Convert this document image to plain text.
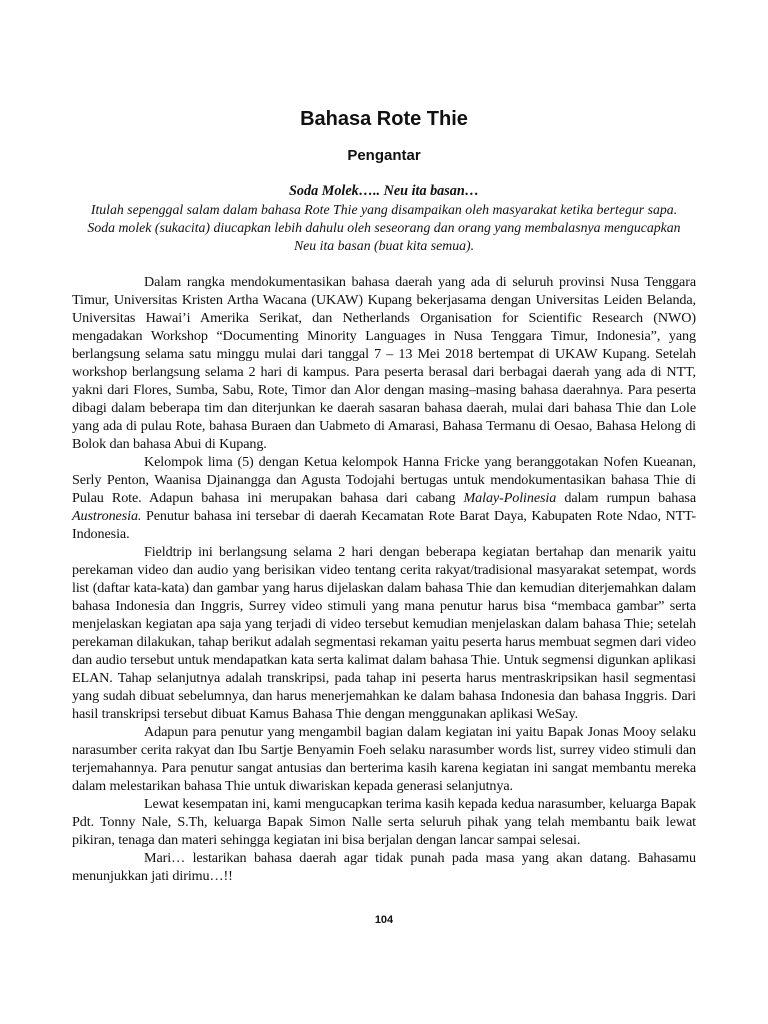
Bahasa Rote Thie
Pengantar

Soda Molek….. Neu ita basan…

Itulah sepenggal salam dalam bahasa Rote Thie yang disampaikan oleh masyarakat ketika bertegur sapa. Soda molek (sukacita) diucapkan lebih dahulu oleh seseorang dan orang yang membalasnya mengucapkan Neu ita basan (buat kita semua).

Dalam rangka mendokumentasikan bahasa daerah yang ada di seluruh provinsi Nusa Tenggara Timur, Universitas Kristen Artha Wacana (UKAW) Kupang bekerjasama dengan Universitas Leiden Belanda, Universitas Hawai’i Amerika Serikat, dan Netherlands Organisation for Scientific Research (NWO) mengadakan Workshop “Documenting Minority Languages in Nusa Tenggara Timur, Indonesia”, yang berlangsung selama satu minggu mulai dari tanggal 7 – 13 Mei 2018 bertempat di UKAW Kupang. Setelah workshop berlangsung selama 2 hari di kampus. Para peserta berasal dari berbagai daerah yang ada di NTT, yakni dari Flores, Sumba, Sabu, Rote, Timor dan Alor dengan masing–masing bahasa daerahnya. Para peserta dibagi dalam beberapa tim dan diterjunkan ke daerah sasaran bahasa daerah, mulai dari bahasa Thie dan Lole yang ada di pulau Rote, bahasa Buraen dan Uabmeto di Amarasi, Bahasa Termanu di Oesao, Bahasa Helong di Bolok dan bahasa Abui di Kupang.

Kelompok lima (5) dengan Ketua kelompok Hanna Fricke yang beranggotakan Nofen Kueanan, Serly Penton, Waanisa Djainangga dan Agusta Todojahi bertugas untuk mendokumentasikan bahasa Thie di Pulau Rote. Adapun bahasa ini merupakan bahasa dari cabang Malay-Polinesia dalam rumpun bahasa Austronesia. Penutur bahasa ini tersebar di daerah Kecamatan Rote Barat Daya, Kabupaten Rote Ndao, NTT-Indonesia.

Fieldtrip ini berlangsung selama 2 hari dengan beberapa kegiatan bertahap dan menarik yaitu perekaman video dan audio yang berisikan video tentang cerita rakyat/tradisional masyarakat setempat, words list (daftar kata-kata) dan gambar yang harus dijelaskan dalam bahasa Thie dan kemudian diterjemahkan dalam bahasa Indonesia dan Inggris, Surrey video stimuli yang mana penutur harus bisa “membaca gambar” serta menjelaskan kegiatan apa saja yang terjadi di video tersebut kemudian menjelaskan dalam bahasa Thie; setelah perekaman dilakukan, tahap berikut adalah segmentasi rekaman yaitu peserta harus membuat segmen dari video dan audio tersebut untuk mendapatkan kata serta kalimat dalam bahasa Thie. Untuk segmensi digunkan aplikasi ELAN. Tahap selanjutnya adalah transkripsi, pada tahap ini peserta harus mentraskripsikan hasil segmentasi yang sudah dibuat sebelumnya, dan harus menerjemahkan ke dalam bahasa Indonesia dan bahasa Inggris. Dari hasil transkripsi tersebut dibuat Kamus Bahasa Thie dengan menggunakan aplikasi WeSay.

Adapun para penutur yang mengambil bagian dalam kegiatan ini yaitu Bapak Jonas Mooy selaku narasumber cerita rakyat dan Ibu Sartje Benyamin Foeh selaku narasumber words list, surrey video stimuli dan terjemahannya. Para penutur sangat antusias dan berterima kasih karena kegiatan ini sangat membantu mereka dalam melestarikan bahasa Thie untuk diwariskan kepada generasi selanjutnya.

Lewat kesempatan ini, kami mengucapkan terima kasih kepada kedua narasumber, keluarga Bapak Pdt. Tonny Nale, S.Th, keluarga Bapak Simon Nalle serta seluruh pihak yang telah membantu baik lewat pikiran, tenaga dan materi sehingga kegiatan ini bisa berjalan dengan lancar sampai selesai.

Mari… lestarikan bahasa daerah agar tidak punah pada masa yang akan datang. Bahasamu menunjukkan jati dirimu…!!

104
